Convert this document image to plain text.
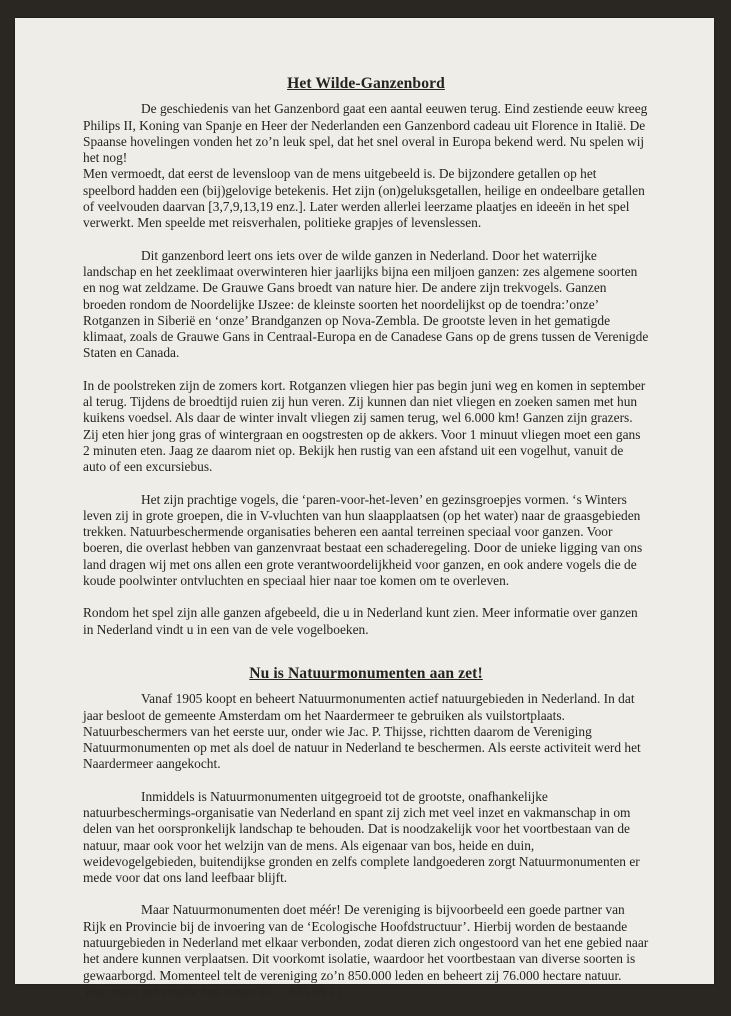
Het Wilde-Ganzenbord

De geschiedenis van het Ganzenbord gaat een aantal eeuwen terug. Eind zestiende eeuw kreeg Philips II, Koning van Spanje en Heer der Nederlanden een Ganzenbord cadeau uit Florence in Italië. De Spaanse hovelingen vonden het zo’n leuk spel, dat het snel overal in Europa bekend werd. Nu spelen wij het nog!

Men vermoedt, dat eerst de levensloop van de mens uitgebeeld is. De bijzondere getallen op het speelbord hadden een (bij)gelovige betekenis. Het zijn (on)geluksgetallen, heilige en ondeelbare getallen of veelvouden daarvan [3,7,9,13,19 enz.]. Later werden allerlei leerzame plaatjes en ideeën in het spel verwerkt. Men speelde met reisverhalen, politieke grapjes of levenslessen.

Dit ganzenbord leert ons iets over de wilde ganzen in Nederland. Door het waterrijke landschap en het zeeklimaat overwinteren hier jaarlijks bijna een miljoen ganzen: zes algemene soorten en nog wat zeldzame. De Grauwe Gans broedt van nature hier. De andere zijn trekvogels. Ganzen broeden rondom de Noordelijke IJszee: de kleinste soorten het noordelijkst op de toendra:’onze’ Rotganzen in Siberië en ‘onze’ Brandganzen op Nova-Zembla. De grootste leven in het gematigde klimaat, zoals de Grauwe Gans in Centraal-Europa en de Canadese Gans op de grens tussen de Verenigde Staten en Canada.

In de poolstreken zijn de zomers kort. Rotganzen vliegen hier pas begin juni weg en komen in september al terug. Tijdens de broedtijd ruien zij hun veren. Zij kunnen dan niet vliegen en zoeken samen met hun kuikens voedsel. Als daar de winter invalt vliegen zij samen terug, wel 6.000 km! Ganzen zijn grazers. Zij eten hier jong gras of wintergraan en oogstresten op de akkers. Voor 1 minuut vliegen moet een gans 2 minuten eten. Jaag ze daarom niet op. Bekijk hen rustig van een afstand uit een vogelhut, vanuit de auto of een excursiebus.

Het zijn prachtige vogels, die ‘paren-voor-het-leven’ en gezinsgroepjes vormen. ‘s Winters leven zij in grote groepen, die in V-vluchten van hun slaapplaatsen (op het water) naar de graasgebieden trekken. Natuurbeschermende organisaties beheren een aantal terreinen speciaal voor ganzen. Voor boeren, die overlast hebben van ganzenvraat bestaat een schaderegeling. Door de unieke ligging van ons land dragen wij met ons allen een grote verantwoordelijkheid voor ganzen, en ook andere vogels die de koude poolwinter ontvluchten en speciaal hier naar toe komen om te overleven.

Rondom het spel zijn alle ganzen afgebeeld, die u in Nederland kunt zien. Meer informatie over ganzen in Nederland vindt u in een van de vele vogelboeken.

Nu is Natuurmonumenten aan zet!

Vanaf 1905 koopt en beheert Natuurmonumenten actief natuurgebieden in Nederland. In dat jaar besloot de gemeente Amsterdam om het Naardermeer te gebruiken als vuilstortplaats. Natuurbeschermers van het eerste uur, onder wie Jac. P. Thijsse, richtten daarom de Vereniging Natuurmonumenten op met als doel de natuur in Nederland te beschermen. Als eerste activiteit werd het Naardermeer aangekocht.

Inmiddels is Natuurmonumenten uitgegroeid tot de grootste, onafhankelijke natuurbeschermings-organisatie van Nederland en spant zij zich met veel inzet en vakmanschap in om delen van het oorspronkelijk landschap te behouden. Dat is noodzakelijk voor het voortbestaan van de natuur, maar ook voor het welzijn van de mens. Als eigenaar van bos, heide en duin, weidevogelgebieden, buitendijkse gronden en zelfs complete landgoederen zorgt Natuurmonumenten er mede voor dat ons land leefbaar blijft.

Maar Natuurmonumenten doet méér! De vereniging is bijvoorbeeld een goede partner van Rijk en Provincie bij de invoering van de ‘Ecologische Hoofdstructuur’. Hierbij worden de bestaande natuurgebieden in Nederland met elkaar verbonden, zodat dieren zich ongestoord van het ene gebied naar het andere kunnen verplaatsen. Dit voorkomt isolatie, waardoor het voortbestaan van diverse soorten is gewaarborgd. Momenteel telt de vereniging zo’n 850.000 leden en beheert zij 76.000 hectare natuur. Voor meer informatie belt u met 035 - 655 99 11.
